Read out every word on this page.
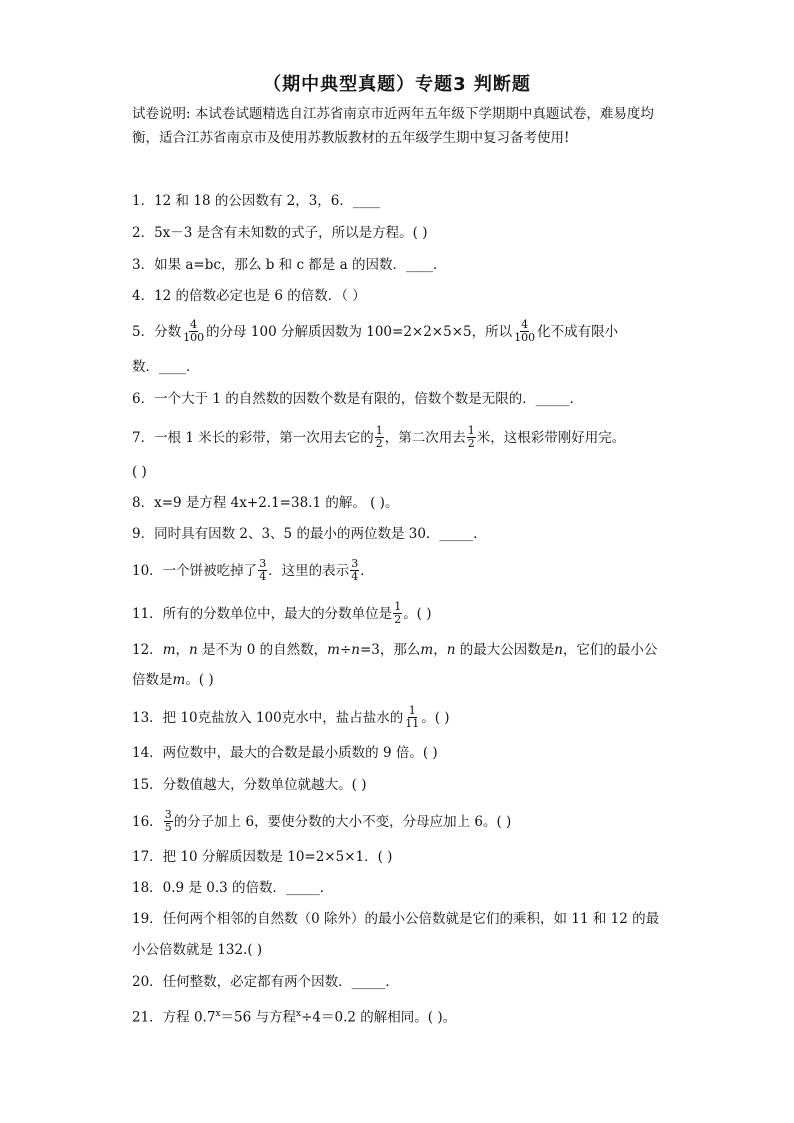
（期中典型真题）专题3 判断题
试卷说明: 本试卷试题精选自江苏省南京市近两年五年级下学期期中真题试卷，难易度均衡，适合江苏省南京市及使用苏教版教材的五年级学生期中复习备考使用!
1．12 和 18 的公因数有 2，3，6．____
2．5x－3 是含有未知数的式子，所以是方程。( )
3．如果 a=bc，那么 b 和 c 都是 a 的因数．____．
4．12 的倍数必定也是 6 的倍数．（ ）
5．分数 $\frac{4}{100}$ 的分母 100 分解质因数为 100=2×2×5×5，所以 $\frac{4}{100}$ 化不成有限小
数．____．
6．一个大于 1 的自然数的因数个数是有限的，倍数个数是无限的．_____．
7．一根 1 米长的彩带，第一次用去它的 $\frac{1}{2}$ ，第二次用去 $\frac{1}{2}$ 米，这根彩带刚好用完。
( )
8．x=9 是方程 4x+2.1=38.1 的解。 ( )。
9．同时具有因数 2、3、5 的最小的两位数是 30．_____．
10．一个饼被吃掉了 $\frac{3}{4}$ ．这里的表示 $\frac{3}{4}$ ．
11．所有的分数单位中，最大的分数单位是 $\frac{1}{2}$ 。( )
12．m，n 是不为 0 的自然数，m÷n=3，那么m，n 的最大公因数是n，它们的最小公
倍数是m。( )
13．把 10克盐放入 100克水中，盐占盐水的 $\frac{1}{11}$ 。( )
14．两位数中，最大的合数是最小质数的 9 倍。( )
15．分数值越大，分数单位就越大。( )
16． $\frac{3}{5}$ 的分子加上 6，要使分数的大小不变，分母应加上 6。( )
17．把 10 分解质因数是 10=2×5×1．( )
18．0.9 是 0.3 的倍数．_____．
19．任何两个相邻的自然数（0 除外）的最小公倍数就是它们的乘积，如 11 和 12 的最
小公倍数就是 132.( )
20．任何整数，必定都有两个因数．_____．
21．方程 $0.7^x=56$ 与方程$^x$÷4＝0.2 的解相同。( )。
